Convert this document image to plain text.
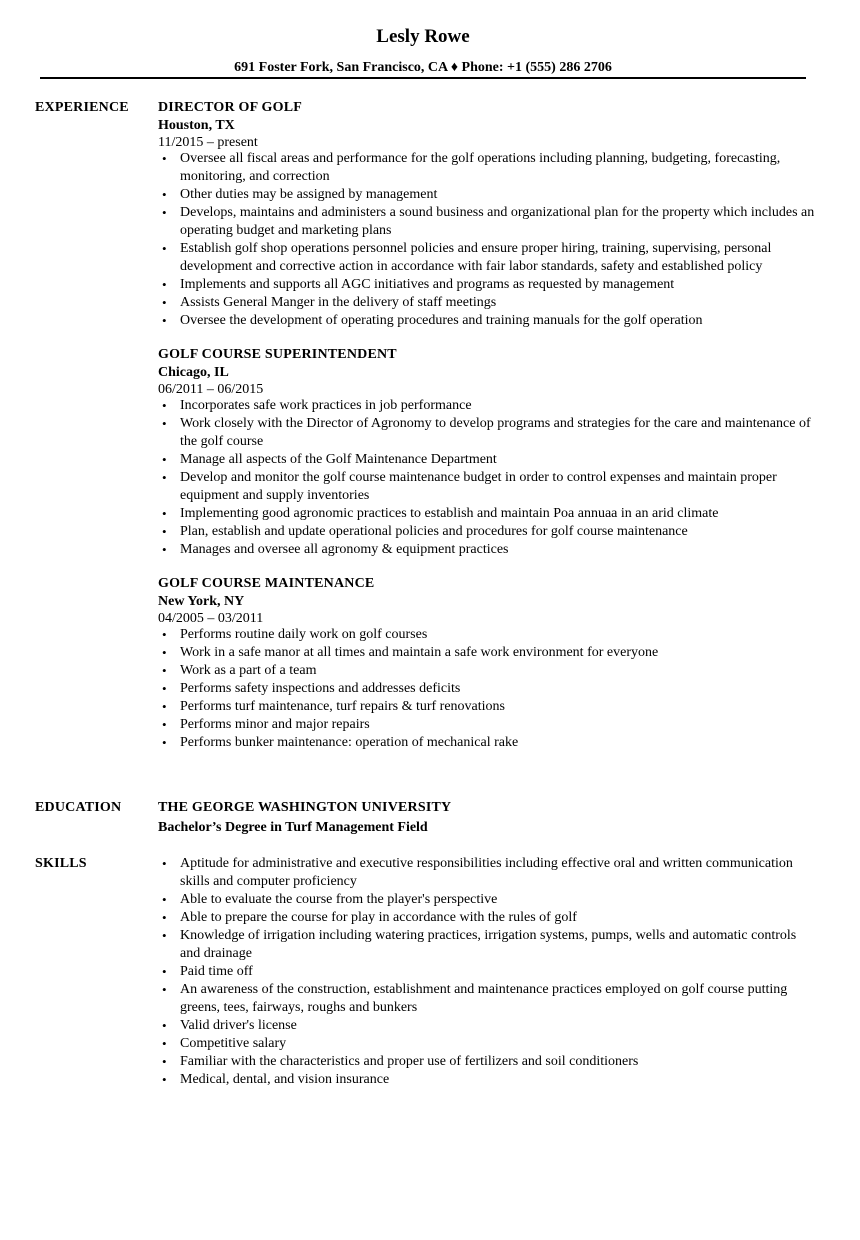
Lesly Rowe
691 Foster Fork, San Francisco, CA ♦ Phone: +1 (555) 286 2706
EXPERIENCE	DIRECTOR OF GOLF
Houston, TX
11/2015 – present
• Oversee all fiscal areas and performance for the golf operations including planning, budgeting, forecasting, monitoring, and correction
• Other duties may be assigned by management
• Develops, maintains and administers a sound business and organizational plan for the property which includes an operating budget and marketing plans
• Establish golf shop operations personnel policies and ensure proper hiring, training, supervising, personal development and corrective action in accordance with fair labor standards, safety and established policy
• Implements and supports all AGC initiatives and programs as requested by management
• Assists General Manger in the delivery of staff meetings
• Oversee the development of operating procedures and training manuals for the golf operation
GOLF COURSE SUPERINTENDENT
Chicago, IL
06/2011 – 06/2015
• Incorporates safe work practices in job performance
• Work closely with the Director of Agronomy to develop programs and strategies for the care and maintenance of the golf course
• Manage all aspects of the Golf Maintenance Department
• Develop and monitor the golf course maintenance budget in order to control expenses and maintain proper equipment and supply inventories
• Implementing good agronomic practices to establish and maintain Poa annuaa in an arid climate
• Plan, establish and update operational policies and procedures for golf course maintenance
• Manages and oversee all agronomy & equipment practices
GOLF COURSE MAINTENANCE
New York, NY
04/2005 – 03/2011
• Performs routine daily work on golf courses
• Work in a safe manor at all times and maintain a safe work environment for everyone
• Work as a part of a team
• Performs safety inspections and addresses deficits
• Performs turf maintenance, turf repairs & turf renovations
• Performs minor and major repairs
• Performs bunker maintenance: operation of mechanical rake
EDUCATION	THE GEORGE WASHINGTON UNIVERSITY
Bachelor’s Degree in Turf Management Field
SKILLS
•	Aptitude for administrative and executive responsibilities including effective oral and written communication skills and computer proficiency
• Able to evaluate the course from the player's perspective
• Able to prepare the course for play in accordance with the rules of golf
• Knowledge of irrigation including watering practices, irrigation systems, pumps, wells and automatic controls and drainage
• Paid time off
• An awareness of the construction, establishment and maintenance practices employed on golf course putting greens, tees, fairways, roughs and bunkers
• Valid driver's license
• Competitive salary
• Familiar with the characteristics and proper use of fertilizers and soil conditioners
• Medical, dental, and vision insurance
